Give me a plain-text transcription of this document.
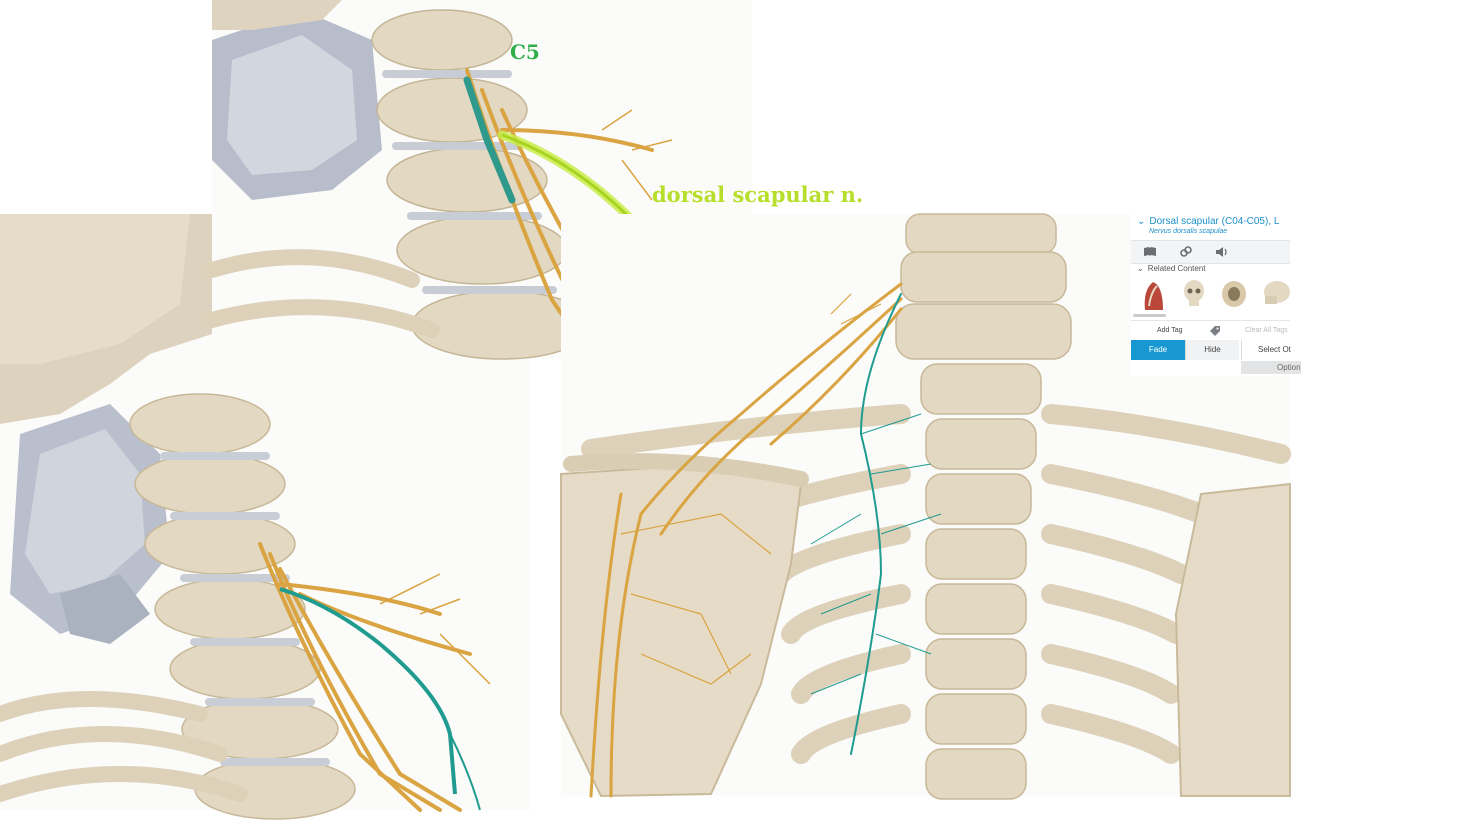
C5
dorsal scapular n.
⌄ Dorsal scapular (C04-C05), L
Nervus dorsalis scapulae
⌄ Related Content
Add Tag	Clear All Tags
Fade	Hide	Select Ot
Option
